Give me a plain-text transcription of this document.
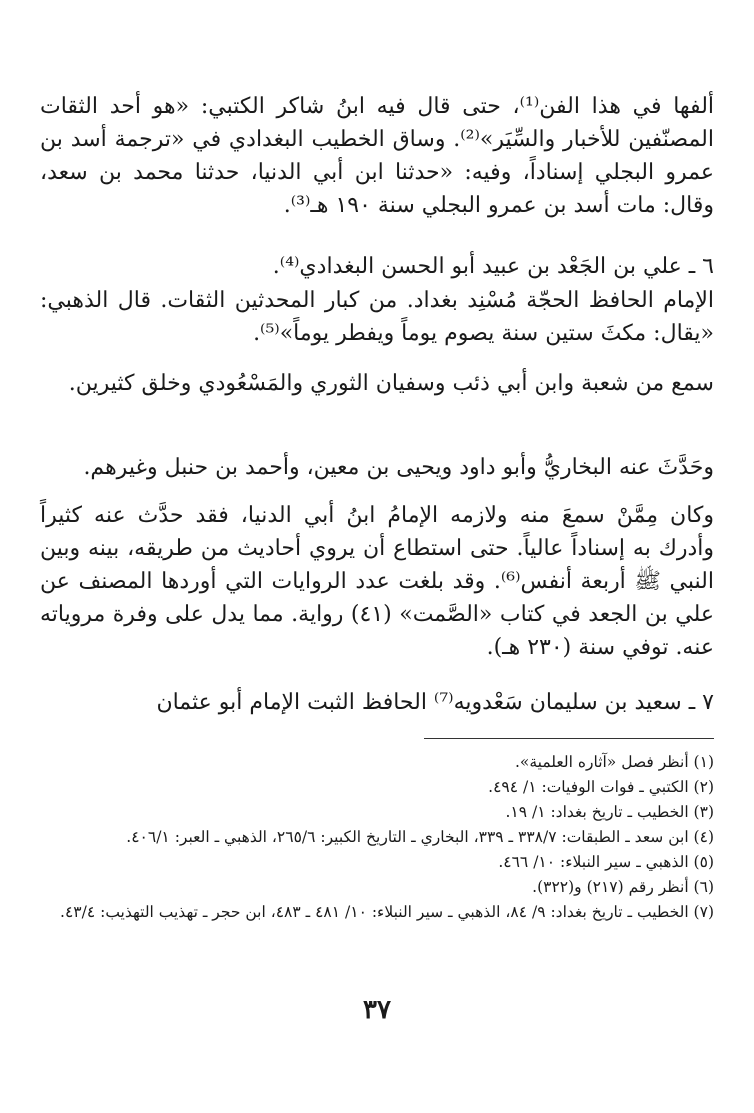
ألفها في هذا الفن⁽¹⁾، حتى قال فيه ابنُ شاكر الكتبي: «هو أحد الثقات المصنّفين للأخبار والسِّيَر»⁽²⁾. وساق الخطيب البغدادي في «ترجمة أسد بن عمرو البجلي إسناداً، وفيه: «حدثنا ابن أبي الدنيا، حدثنا محمد بن سعد، وقال: مات أسد بن عمرو البجلي سنة ١٩٠ هـ⁽³⁾.

٦ ـ علي بن الجَعْد بن عبيد أبو الحسن البغدادي⁽⁴⁾.

الإمام الحافظ الحجّة مُسْنِد بغداد. من كبار المحدثين الثقات. قال الذهبي: «يقال: مكثَ ستين سنة يصوم يوماً ويفطر يوماً»⁽⁵⁾.

سمع من شعبة وابن أبي ذئب وسفيان الثوري والمَسْعُودي وخلق كثيرين.

وحَدَّثَ عنه البخاريُّ وأبو داود ويحيى بن معين، وأحمد بن حنبل وغيرهم.

وكان مِمَّنْ سمعَ منه ولازمه الإمامُ ابنُ أبي الدنيا، فقد حدَّث عنه كثيراً وأدرك به إسناداً عالياً. حتى استطاع أن يروي أحاديث من طريقه، بينه وبين النبي ﷺ أربعة أنفس⁽⁶⁾. وقد بلغت عدد الروايات التي أوردها المصنف عن علي بن الجعد في كتاب «الصَّمت» (٤١) رواية. مما يدل على وفرة مروياته عنه. توفي سنة (٢٣٠ هـ).

٧ ـ سعيد بن سليمان سَعْدويه⁽⁷⁾ الحافظ الثبت الإمام أبو عثمان

(١) أنظر فصل «آثاره العلمية».

(٢) الكتبي ـ فوات الوفيات: ١/ ٤٩٤.

(٣) الخطيب ـ تاريخ بغداد: ١/ ١٩.

(٤) ابن سعد ـ الطبقات: ٣٣٨/٧ ـ ٣٣٩، البخاري ـ التاريخ الكبير: ٢٦٥/٦، الذهبي ـ العبر: ٤٠٦/١.

(٥) الذهبي ـ سير النبلاء: ١٠/ ٤٦٦.

(٦) أنظر رقم (٢١٧) و(٣٢٢).

(٧) الخطيب ـ تاريخ بغداد: ٩/ ٨٤، الذهبي ـ سير النبلاء: ١٠/ ٤٨١ ـ ٤٨٣، ابن حجر ـ تهذيب التهذيب: ٤٣/٤.

٣٧
